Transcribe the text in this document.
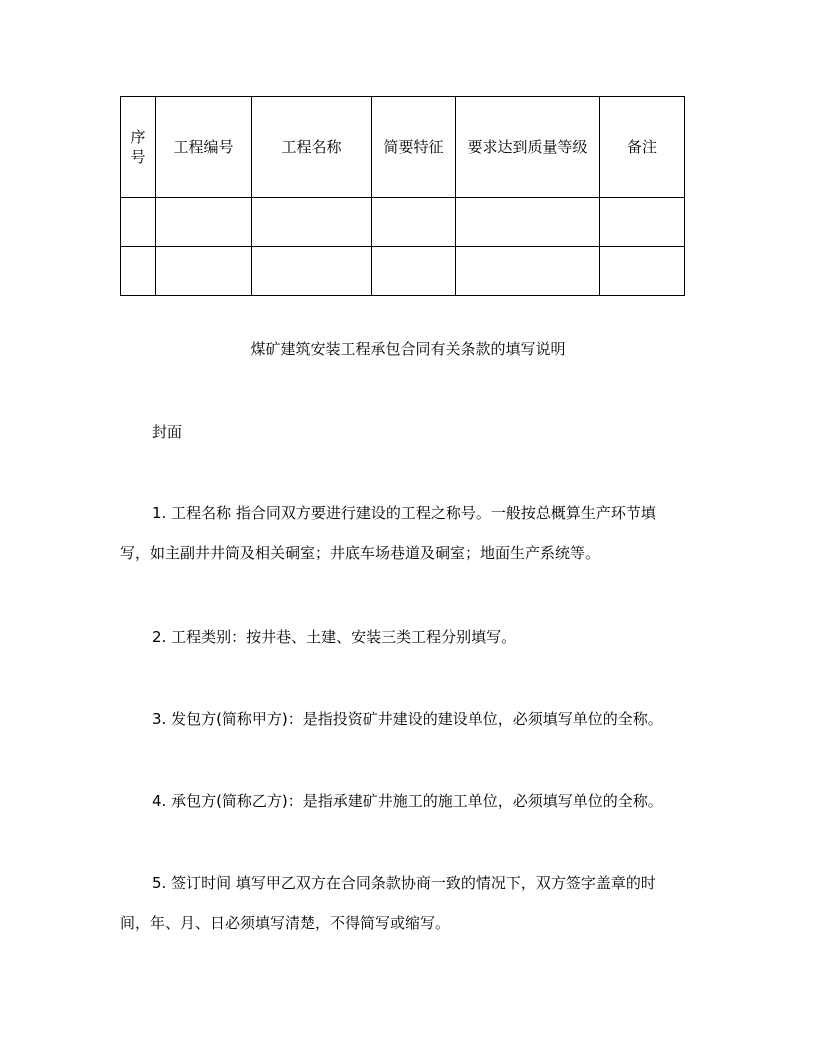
序号	工程编号	工程名称	简要特征	要求达到质量等级	备注

煤矿建筑安装工程承包合同有关条款的填写说明
封面
1. 工程名称 指合同双方要进行建设的工程之称号。一般按总概算生产环节填
写，如主副井井筒及相关硐室；井底车场巷道及硐室；地面生产系统等。
2. 工程类别：按井巷、土建、安装三类工程分别填写。
3. 发包方(简称甲方)：是指投资矿井建设的建设单位，必须填写单位的全称。
4. 承包方(简称乙方)：是指承建矿井施工的施工单位，必须填写单位的全称。
5. 签订时间 填写甲乙双方在合同条款协商一致的情况下，双方签字盖章的时
间，年、月、日必须填写清楚，不得简写或缩写。
